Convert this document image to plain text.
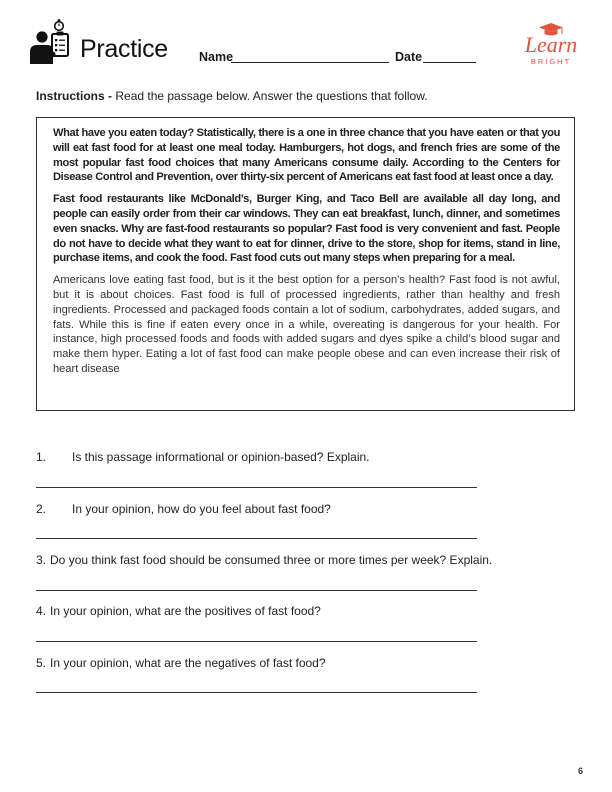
Practice Name	Date	Learn
BRIGHT
Instructions - Read the passage below. Answer the questions that follow.

What have you eaten today? Statistically, there is a one in three chance that you have eaten or that you will eat fast food for at least one meal today. Hamburgers, hot dogs, and french fries are some of the most popular fast food choices that many Americans consume daily. According to the Centers for Disease Control and Prevention, over thirty-six percent of Americans eat fast food at least once a day.

Fast food restaurants like McDonald’s, Burger King, and Taco Bell are available all day long, and people can easily order from their car windows. They can eat breakfast, lunch, dinner, and sometimes even snacks. Why are fast-food restaurants so popular? Fast food is very convenient and fast. People do not have to decide what they want to eat for dinner, drive to the store, shop for items, stand in line, purchase items, and cook the food. Fast food cuts out many steps when preparing for a meal.

Americans love eating fast food, but is it the best option for a person’s health? Fast food is not awful, but it is about choices. Fast food is full of processed ingredients, rather than healthy and fresh ingredients. Processed and packaged foods contain a lot of sodium, carbohydrates, added sugars, and fats. While this is fine if eaten every once in a while, overeating is dangerous for your health. For instance, high processed foods and foods with added sugars and dyes spike a child’s blood sugar and make them hyper. Eating a lot of fast food can make people obese and can even increase their risk of heart disease

1. Is this passage informational or opinion-based? Explain.
2. In your opinion, how do you feel about fast food?
3. Do you think fast food should be consumed three or more times per week? Explain.
4. In your opinion, what are the positives of fast food?
5. In your opinion, what are the negatives of fast food?
6
